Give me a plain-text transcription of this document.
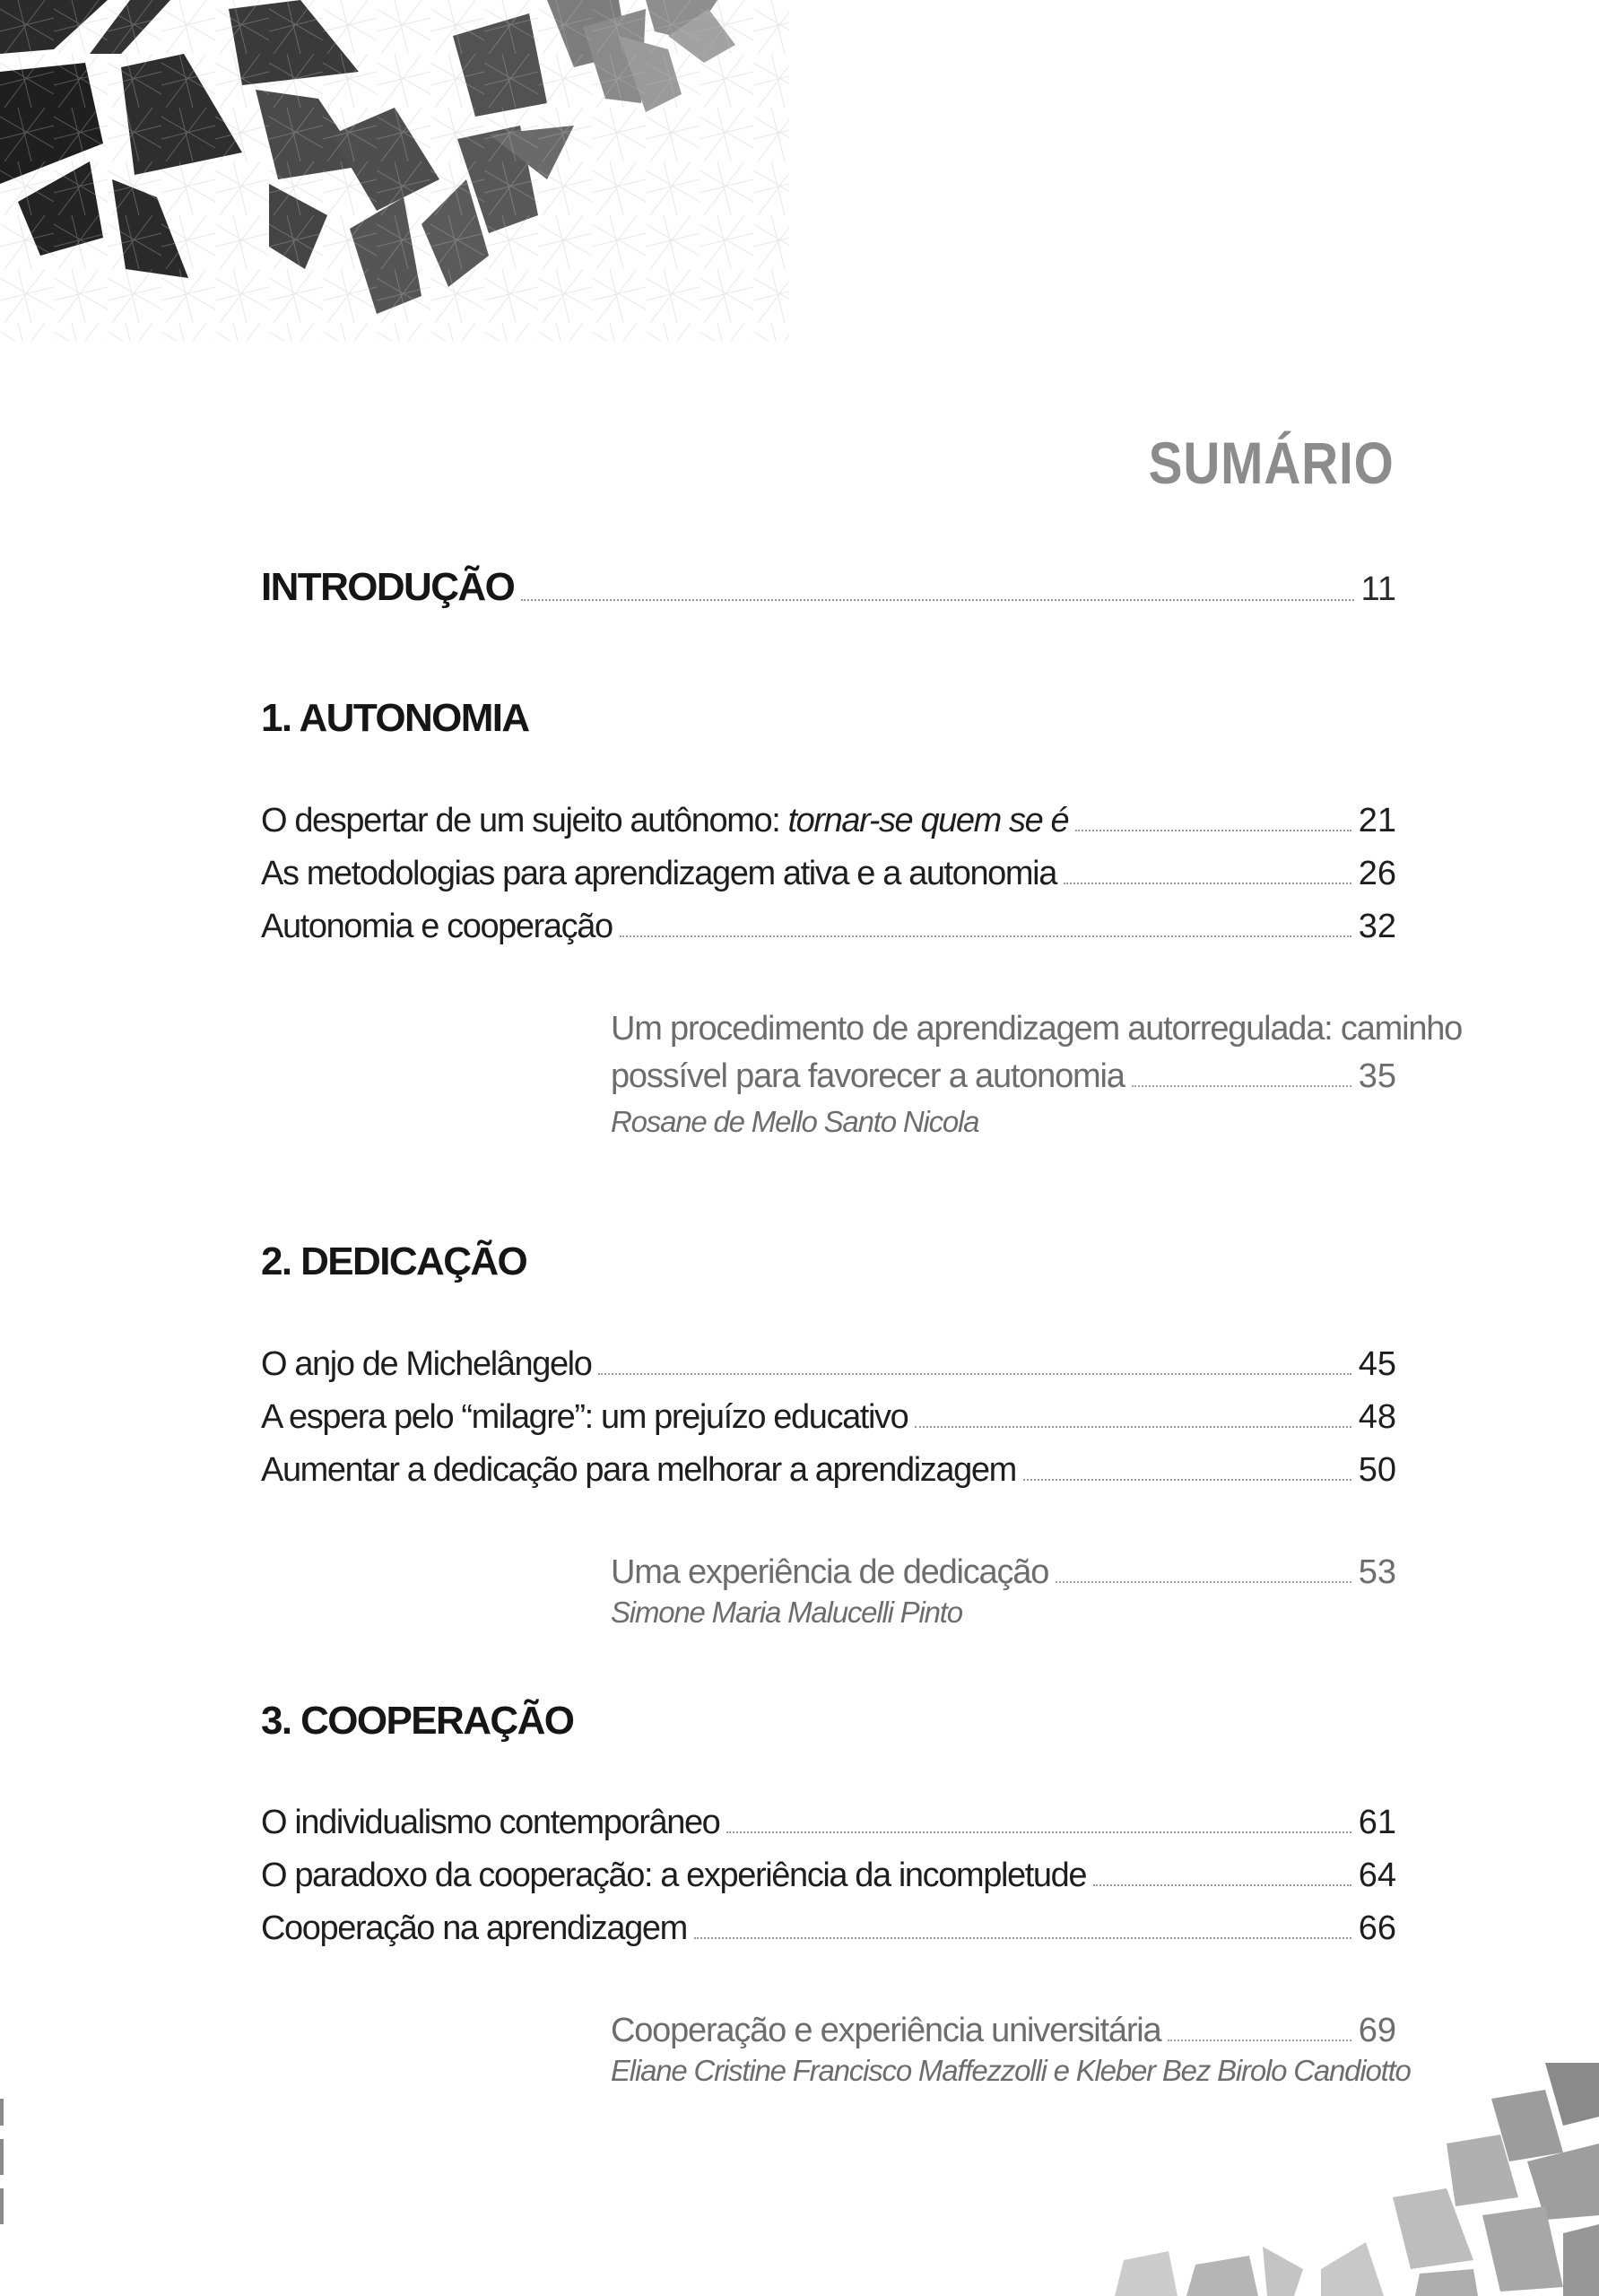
SUMÁRIO
INTRODUÇÃO	11
1. AUTONOMIA
O despertar de um sujeito autônomo: tornar-se quem se é	21
As metodologias para aprendizagem ativa e a autonomia	26
Autonomia e cooperação	32
Um procedimento de aprendizagem autorregulada: caminho
possível para favorecer a autonomia	35
Rosane de Mello Santo Nicola
2. DEDICAÇÃO
O anjo de Michelângelo	45
A espera pelo “milagre”: um prejuízo educativo	48
Aumentar a dedicação para melhorar a aprendizagem	50
Uma experiência de dedicação	53
Simone Maria Malucelli Pinto
3. COOPERAÇÃO
O individualismo contemporâneo	61
O paradoxo da cooperação: a experiência da incompletude	64
Cooperação na aprendizagem	66
Cooperação e experiência universitária	69
Eliane Cristine Francisco Maffezzolli e Kleber Bez Birolo Candiotto
